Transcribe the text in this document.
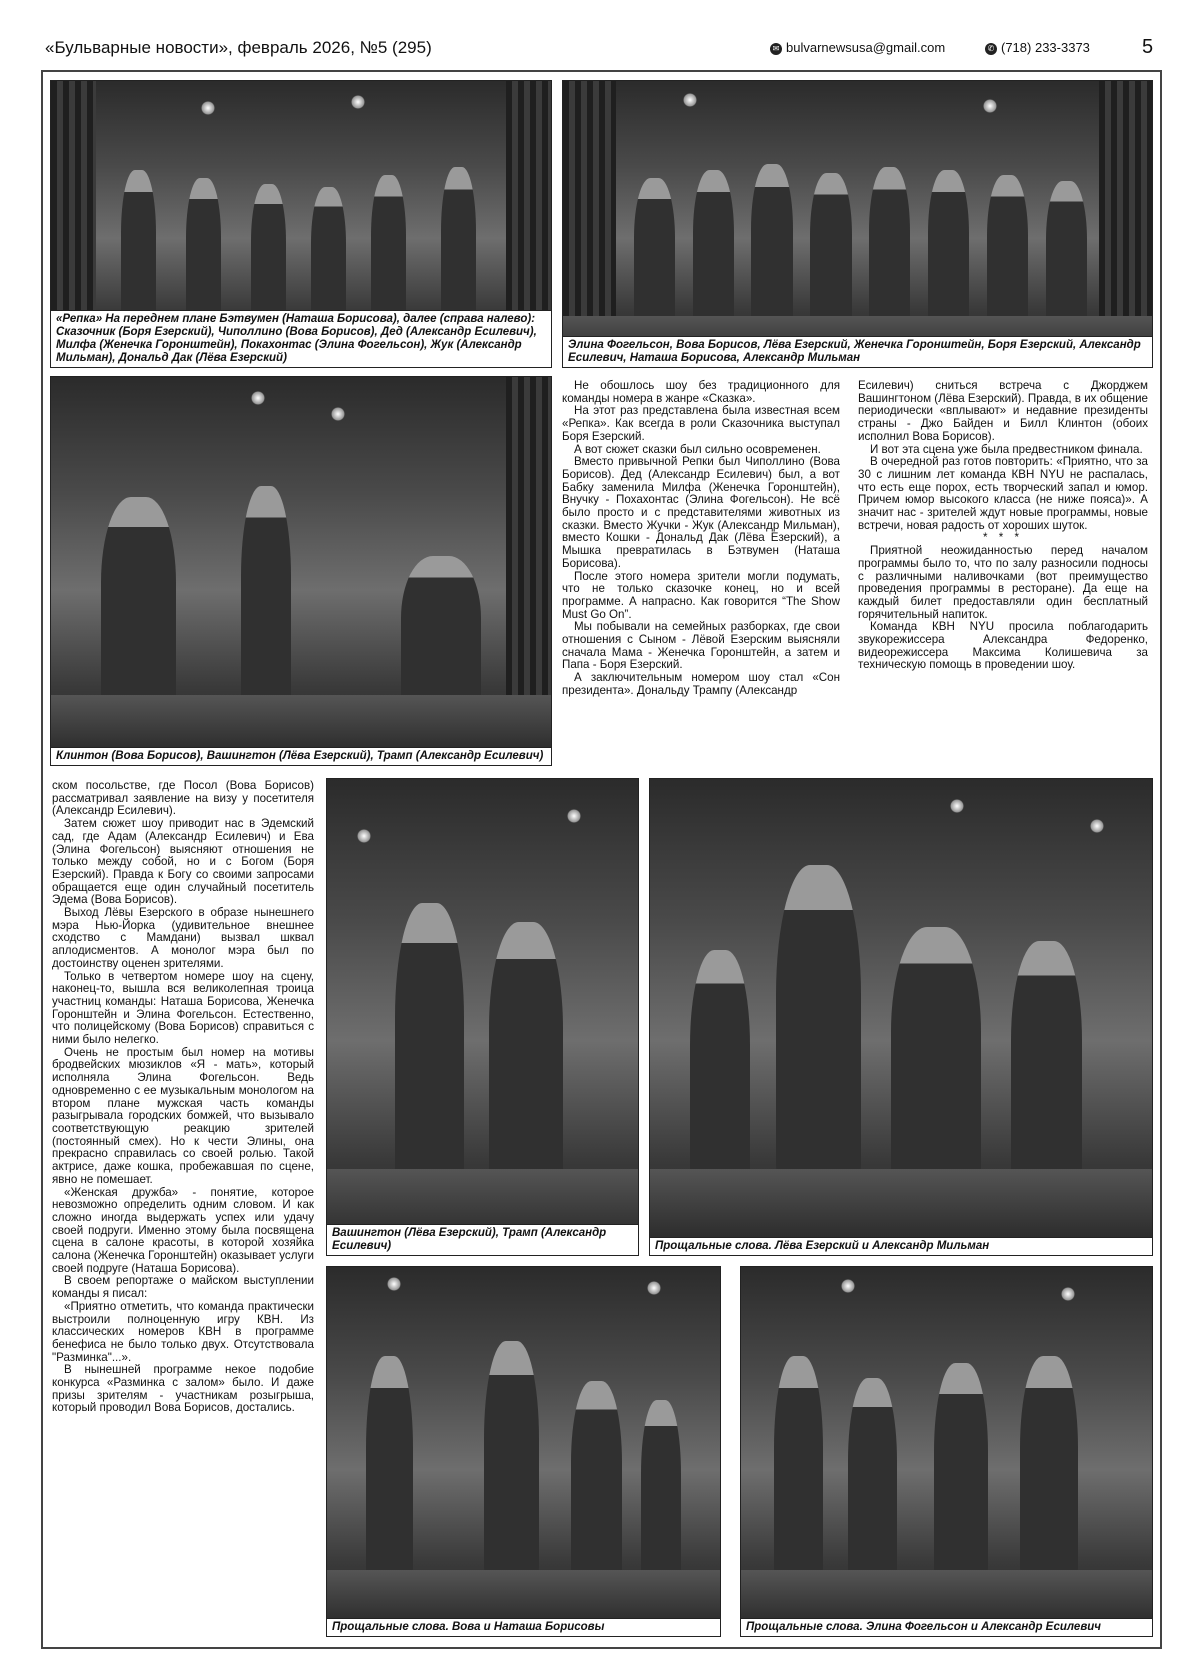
«Бульварные новости», февраль 2026, №5 (295)	✉ bulvarnewsusa@gmail.com	✆ (718) 233-3373	5
«Репка» На переднем плане Бэтвумен (Наташа Борисова), далее (справа налево): Сказочник (Боря Езерский), Чиполлино (Вова Борисов), Дед (Александр Есилевич), Милфа (Женечка Горонштейн), Покахонтас (Элина Фогельсон), Жук (Александр Мильман), Дональд Дак (Лёва Езерский)
Элина Фогельсон, Вова Борисов, Лёва Езерский, Женечка Горонштейн, Боря Езерский, Александр Есилевич, Наташа Борисова, Александр Мильман
Клинтон (Вова Борисов), Вашингтон (Лёва Езерский), Трамп (Александр Есилевич)
Вашингтон (Лёва Езерский), Трамп (Александр Есилевич)	Прощальные слова. Лёва Езерский и Александр Мильман
Прощальные слова. Вова и Наташа Борисовы	Прощальные слова. Элина Фогельсон и Александр Есилевич

Не обошлось шоу без традиционного для команды номера в жанре «Сказка».

На этот раз представлена была известная всем «Репка». Как всегда в роли Сказочника выступал Боря Езерский.

А вот сюжет сказки был сильно осовременен.

Вместо привычной Репки был Чиполлино (Вова Борисов). Дед (Александр Есилевич) был, а вот Бабку заменила Милфа (Женечка Горонштейн), Внучку - Похахонтас (Элина Фогельсон). Не всё было просто и с представителями животных из сказки. Вместо Жучки - Жук (Александр Мильман), вместо Кошки - Дональд Дак (Лёва Езерский), а Мышка превратилась в Бэтвумен (Наташа Борисова).

После этого номера зрители могли подумать, что не только сказочке конец, но и всей программе. А напрасно. Как говорится “The Show Must Go On”.

Мы побывали на семейных разборках, где свои отношения с Сыном - Лёвой Езерским выясняли сначала Мама - Женечка Горонштейн, а затем и Папа - Боря Езерский.

А заключительным номером шоу стал «Сон президента». Дональду Трампу (Александр

Есилевич) сниться встреча с Джорджем Вашингтоном (Лёва Езерский). Правда, в их общение периодически «вплывают» и недавние президенты страны - Джо Байден и Билл Клинтон (обоих исполнил Вова Борисов).

И вот эта сцена уже была предвестником финала.

В очередной раз готов повторить: «Приятно, что за 30 с лишним лет команда КВН NYU не распалась, что есть еще порох, есть творческий запал и юмор. Причем юмор высокого класса (не ниже пояса)». А значит нас - зрителей ждут новые программы, новые встречи, новая радость от хороших шуток.

* * *

Приятной неожиданностью перед началом программы было то, что по залу разносили подносы с различными наливочками (вот преимущество проведения программы в ресторане). Да еще на каждый билет предоставляли один бесплатный горячительный напиток.

Команда КВН NYU просила поблагодарить звукорежиссера Александра Федоренко, видеорежиссера Максима Колишевича за техническую помощь в проведении шоу.

ском посольстве, где Посол (Вова Борисов) рассматривал заявление на визу у посетителя (Александр Есилевич).

Затем сюжет шоу приводит нас в Эдемский сад, где Адам (Александр Есилевич) и Ева (Элина Фогельсон) выясняют отношения не только между собой, но и с Богом (Боря Езерский). Правда к Богу со своими запросами обращается еще один случайный посетитель Эдема (Вова Борисов).

Выход Лёвы Езерского в образе нынешнего мэра Нью-Йорка (удивительное внешнее сходство с Мамдани) вызвал шквал аплодисментов. А монолог мэра был по достоинству оценен зрителями.

Только в четвертом номере шоу на сцену, наконец-то, вышла вся великолепная троица участниц команды: Наташа Борисова, Женечка Горонштейн и Элина Фогельсон. Естественно, что полицейскому (Вова Борисов) справиться с ними было нелегко.

Очень не простым был номер на мотивы бродвейских мюзиклов «Я - мать», который исполняла Элина Фогельсон. Ведь одновременно с ее музыкальным монологом на втором плане мужская часть команды разыгрывала городских бомжей, что вызывало соответствующую реакцию зрителей (постоянный смех). Но к чести Элины, она прекрасно справилась со своей ролью. Такой актрисе, даже кошка, пробежавшая по сцене, явно не помешает.

«Женская дружба» - понятие, которое невозможно определить одним словом. И как сложно иногда выдержать успех или удачу своей подруги. Именно этому была посвящена сцена в салоне красоты, в которой хозяйка салона (Женечка Горонштейн) оказывает услуги своей подруге (Наташа Борисова).

В своем репортаже о майском выступлении команды я писал:

«Приятно отметить, что команда практически выстроили полноценную игру КВН. Из классических номеров КВН в программе бенефиса не было только двух. Отсутствовала "Разминка"...».

В нынешней программе некое подобие конкурса «Разминка с залом» было. И даже призы зрителям - участникам розыгрыша, который проводил Вова Борисов, достались.
